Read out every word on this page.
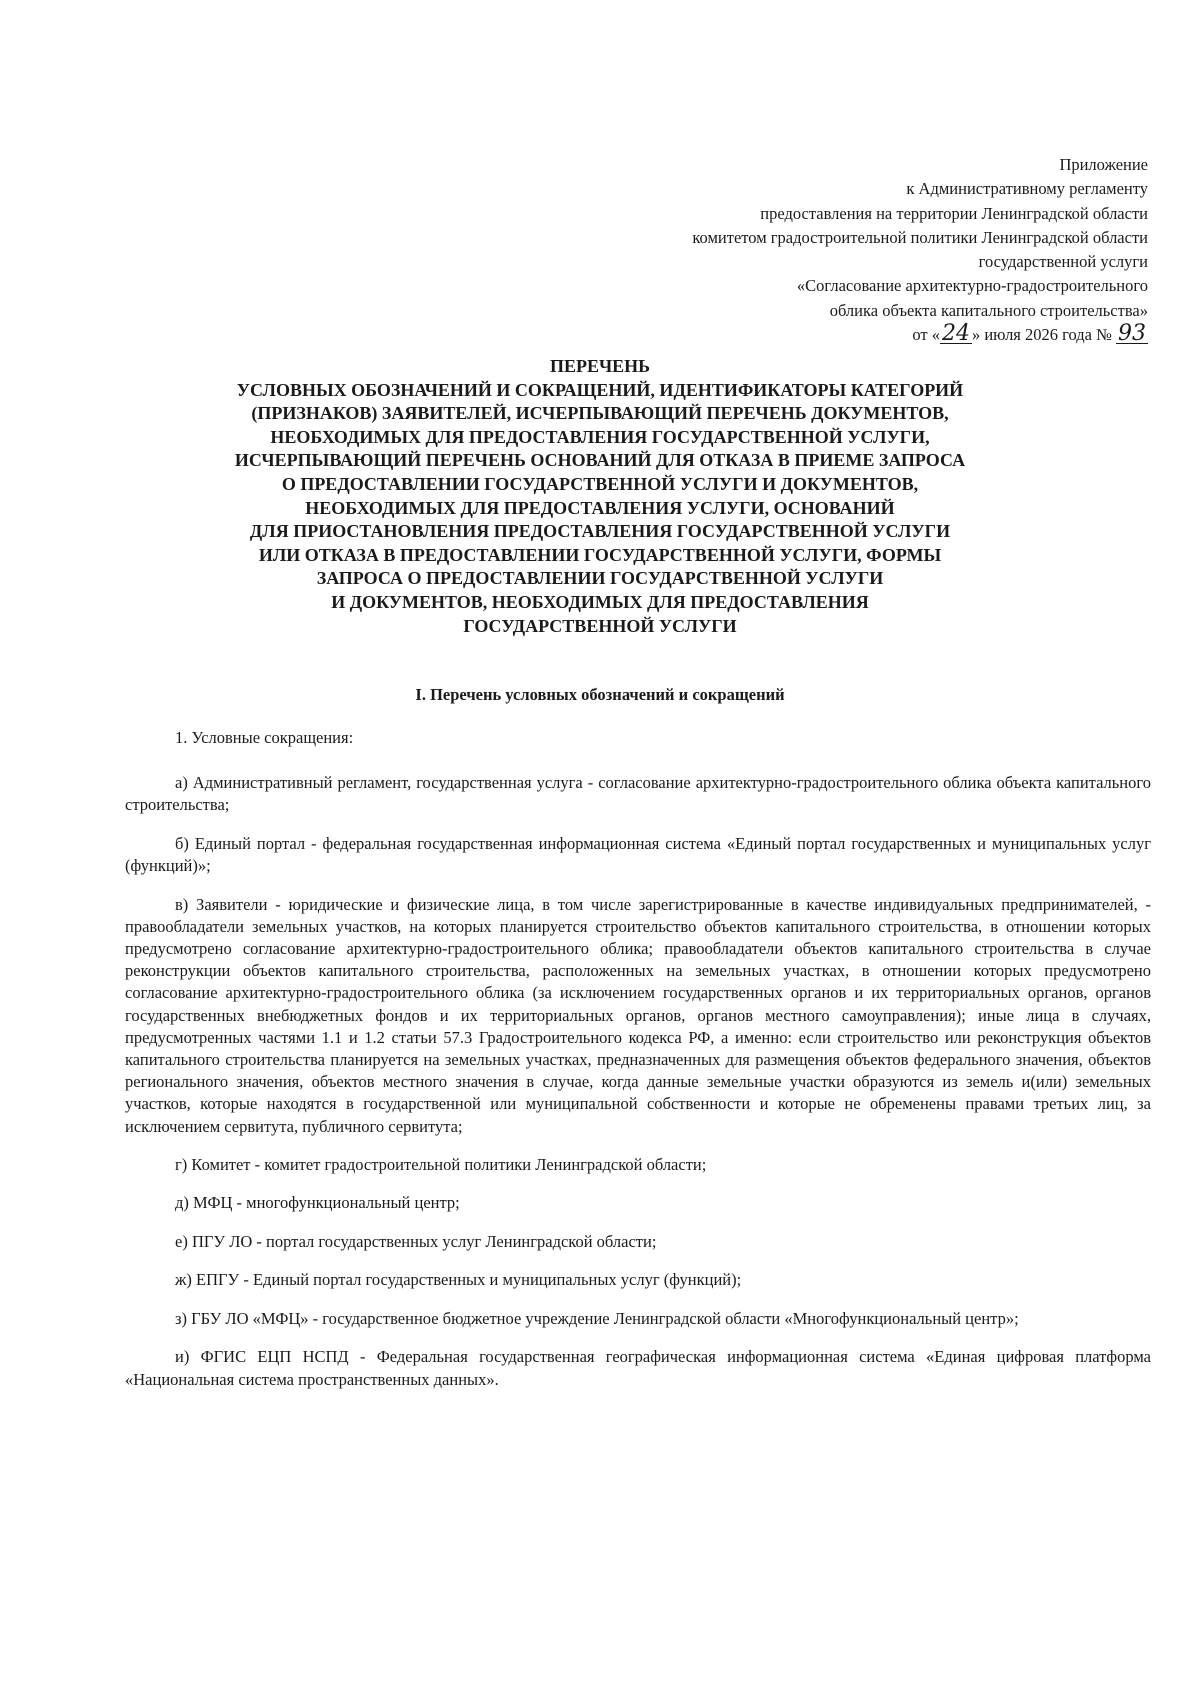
Приложение
к Административному регламенту
предоставления на территории Ленинградской области
комитетом градостроительной политики Ленинградской области
государственной услуги
«Согласование архитектурно-градостроительного
облика объекта капитального строительства»
от «24 » июля 2026 года № 93
ПЕРЕЧЕНЬ
УСЛОВНЫХ ОБОЗНАЧЕНИЙ И СОКРАЩЕНИЙ, ИДЕНТИФИКАТОРЫ КАТЕГОРИЙ
(ПРИЗНАКОВ) ЗАЯВИТЕЛЕЙ, ИСЧЕРПЫВАЮЩИЙ ПЕРЕЧЕНЬ ДОКУМЕНТОВ,
НЕОБХОДИМЫХ ДЛЯ ПРЕДОСТАВЛЕНИЯ ГОСУДАРСТВЕННОЙ УСЛУГИ,
ИСЧЕРПЫВАЮЩИЙ ПЕРЕЧЕНЬ ОСНОВАНИЙ ДЛЯ ОТКАЗА В ПРИЕМЕ ЗАПРОСА
О ПРЕДОСТАВЛЕНИИ ГОСУДАРСТВЕННОЙ УСЛУГИ И ДОКУМЕНТОВ,
НЕОБХОДИМЫХ ДЛЯ ПРЕДОСТАВЛЕНИЯ УСЛУГИ, ОСНОВАНИЙ
ДЛЯ ПРИОСТАНОВЛЕНИЯ ПРЕДОСТАВЛЕНИЯ ГОСУДАРСТВЕННОЙ УСЛУГИ
ИЛИ ОТКАЗА В ПРЕДОСТАВЛЕНИИ ГОСУДАРСТВЕННОЙ УСЛУГИ, ФОРМЫ
ЗАПРОСА О ПРЕДОСТАВЛЕНИИ ГОСУДАРСТВЕННОЙ УСЛУГИ
И ДОКУМЕНТОВ, НЕОБХОДИМЫХ ДЛЯ ПРЕДОСТАВЛЕНИЯ
ГОСУДАРСТВЕННОЙ УСЛУГИ
I. Перечень условных обозначений и сокращений

1. Условные сокращения:

а) Административный регламент, государственная услуга - согласование архитектурно-градостроительного облика объекта капитального строительства;

б) Единый портал - федеральная государственная информационная система «Единый портал государственных и муниципальных услуг (функций)»;

в) Заявители - юридические и физические лица, в том числе зарегистрированные в качестве индивидуальных предпринимателей, - правообладатели земельных участков, на которых планируется строительство объектов капитального строительства, в отношении которых предусмотрено согласование архитектурно-градостроительного облика; правообладатели объектов капитального строительства в случае реконструкции объектов капитального строительства, расположенных на земельных участках, в отношении которых предусмотрено согласование архитектурно-градостроительного облика (за исключением государственных органов и их территориальных органов, органов государственных внебюджетных фондов и их территориальных органов, органов местного самоуправления); иные лица в случаях, предусмотренных частями 1.1 и 1.2 статьи 57.3 Градостроительного кодекса РФ, а именно: если строительство или реконструкция объектов капитального строительства планируется на земельных участках, предназначенных для размещения объектов федерального значения, объектов регионального значения, объектов местного значения в случае, когда данные земельные участки образуются из земель и(или) земельных участков, которые находятся в государственной или муниципальной собственности и которые не обременены правами третьих лиц, за исключением сервитута, публичного сервитута;

г) Комитет - комитет градостроительной политики Ленинградской области;

д) МФЦ - многофункциональный центр;

е) ПГУ ЛО - портал государственных услуг Ленинградской области;

ж) ЕПГУ - Единый портал государственных и муниципальных услуг (функций);

з) ГБУ ЛО «МФЦ» - государственное бюджетное учреждение Ленинградской области «Многофункциональный центр»;

и) ФГИС ЕЦП НСПД - Федеральная государственная географическая информационная система «Единая цифровая платформа «Национальная система пространственных данных».
